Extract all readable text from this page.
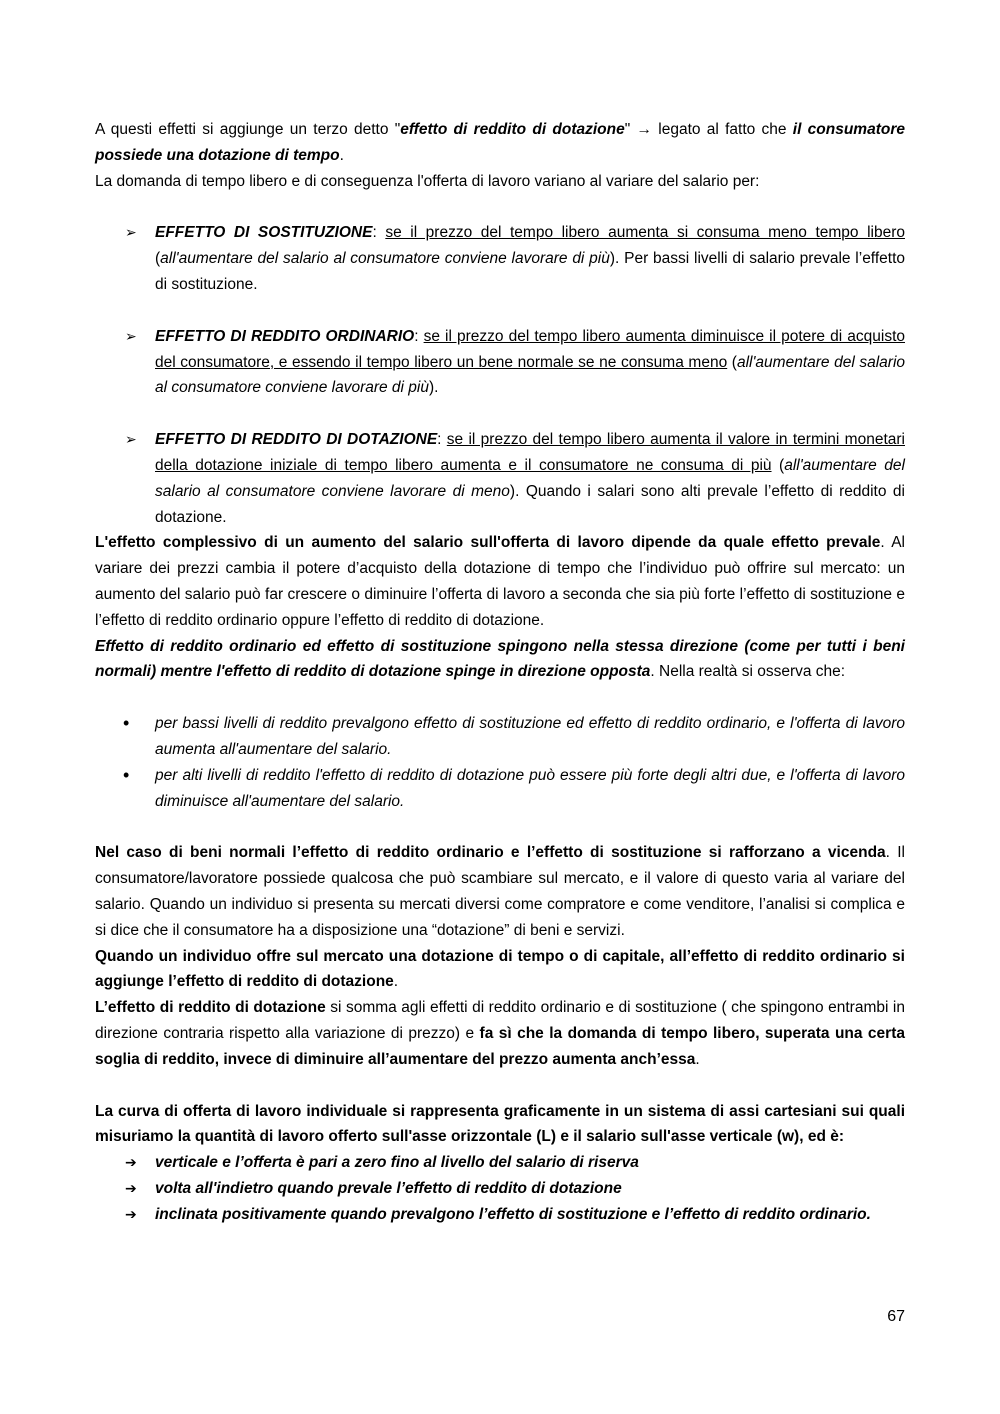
A questi effetti si aggiunge un terzo detto "effetto di reddito di dotazione" → legato al fatto che il consumatore possiede una dotazione di tempo.

La domanda di tempo libero e di conseguenza l'offerta di lavoro variano al variare del salario per:

➢	EFFETTO DI SOSTITUZIONE: se il prezzo del tempo libero aumenta si consuma meno tempo libero (all'aumentare del salario al consumatore conviene lavorare di più). Per bassi livelli di salario prevale l’effetto di sostituzione.

➢	EFFETTO DI REDDITO ORDINARIO: se il prezzo del tempo libero aumenta diminuisce il potere di acquisto del consumatore, e essendo il tempo libero un bene normale se ne consuma meno (all'aumentare del salario al consumatore conviene lavorare di più).

➢	EFFETTO DI REDDITO DI DOTAZIONE: se il prezzo del tempo libero aumenta il valore in termini monetari della dotazione iniziale di tempo libero aumenta e il consumatore ne consuma di più (all'aumentare del salario al consumatore conviene lavorare di meno). Quando i salari sono alti prevale l’effetto di reddito di dotazione.

L'effetto complessivo di un aumento del salario sull'offerta di lavoro dipende da quale effetto prevale. Al variare dei prezzi cambia il potere d’acquisto della dotazione di tempo che l’individuo può offrire sul mercato: un aumento del salario può far crescere o diminuire l’offerta di lavoro a seconda che sia più forte l’effetto di sostituzione e l’effetto di reddito ordinario oppure l’effetto di reddito di dotazione.

Effetto di reddito ordinario ed effetto di sostituzione spingono nella stessa direzione (come per tutti i beni normali) mentre l'effetto di reddito di dotazione spinge in direzione opposta. Nella realtà si osserva che:

•	per bassi livelli di reddito prevalgono effetto di sostituzione ed effetto di reddito ordinario, e l'offerta di lavoro aumenta all'aumentare del salario.

•	per alti livelli di reddito l'effetto di reddito di dotazione può essere più forte degli altri due, e l'offerta di lavoro diminuisce all'aumentare del salario.

Nel caso di beni normali l’effetto di reddito ordinario e l’effetto di sostituzione si rafforzano a vicenda. Il consumatore/lavoratore possiede qualcosa che può scambiare sul mercato, e il valore di questo varia al variare del salario. Quando un individuo si presenta su mercati diversi come compratore e come venditore, l’analisi si complica e si dice che il consumatore ha a disposizione una “dotazione” di beni e servizi.

Quando un individuo offre sul mercato una dotazione di tempo o di capitale, all’effetto di reddito ordinario si aggiunge l’effetto di reddito di dotazione.

L’effetto di reddito di dotazione si somma agli effetti di reddito ordinario e di sostituzione ( che spingono entrambi in direzione contraria rispetto alla variazione di prezzo) e fa sì che la domanda di tempo libero, superata una certa soglia di reddito, invece di diminuire all’aumentare del prezzo aumenta anch’essa.

La curva di offerta di lavoro individuale si rappresenta graficamente in un sistema di assi cartesiani sui quali misuriamo la quantità di lavoro offerto sull'asse orizzontale (L) e il salario sull'asse verticale (w), ed è:

➔	verticale e l’offerta è pari a zero fino al livello del salario di riserva

➔	volta all'indietro quando prevale l’effetto di reddito di dotazione

➔	inclinata positivamente quando prevalgono l’effetto di sostituzione e l’effetto di reddito ordinario.

67
